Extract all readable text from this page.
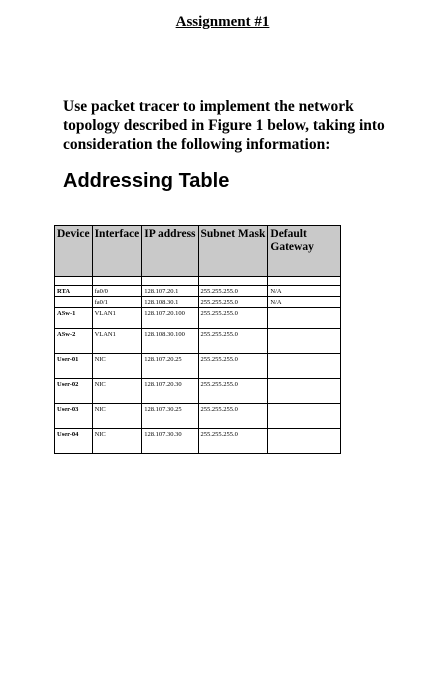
Assignment #1
Use packet tracer to implement the network topology described in Figure 1 below, taking into consideration the following information:
Addressing Table
Device	Interface	IP address	Subnet Mask	Default Gateway

RTA	fa0/0	128.107.20.1	255.255.255.0	N/A
	fa0/1	128.108.30.1	255.255.255.0	N/A
ASw-1	VLAN1	128.107.20.100	255.255.255.0	
ASw-2	VLAN1	128.108.30.100	255.255.255.0	
User-01	NIC	128.107.20.25	255.255.255.0	
User-02	NIC	128.107.20.30	255.255.255.0	
User-03	NIC	128.107.30.25	255.255.255.0	
User-04	NIC	128.107.30.30	255.255.255.0	
